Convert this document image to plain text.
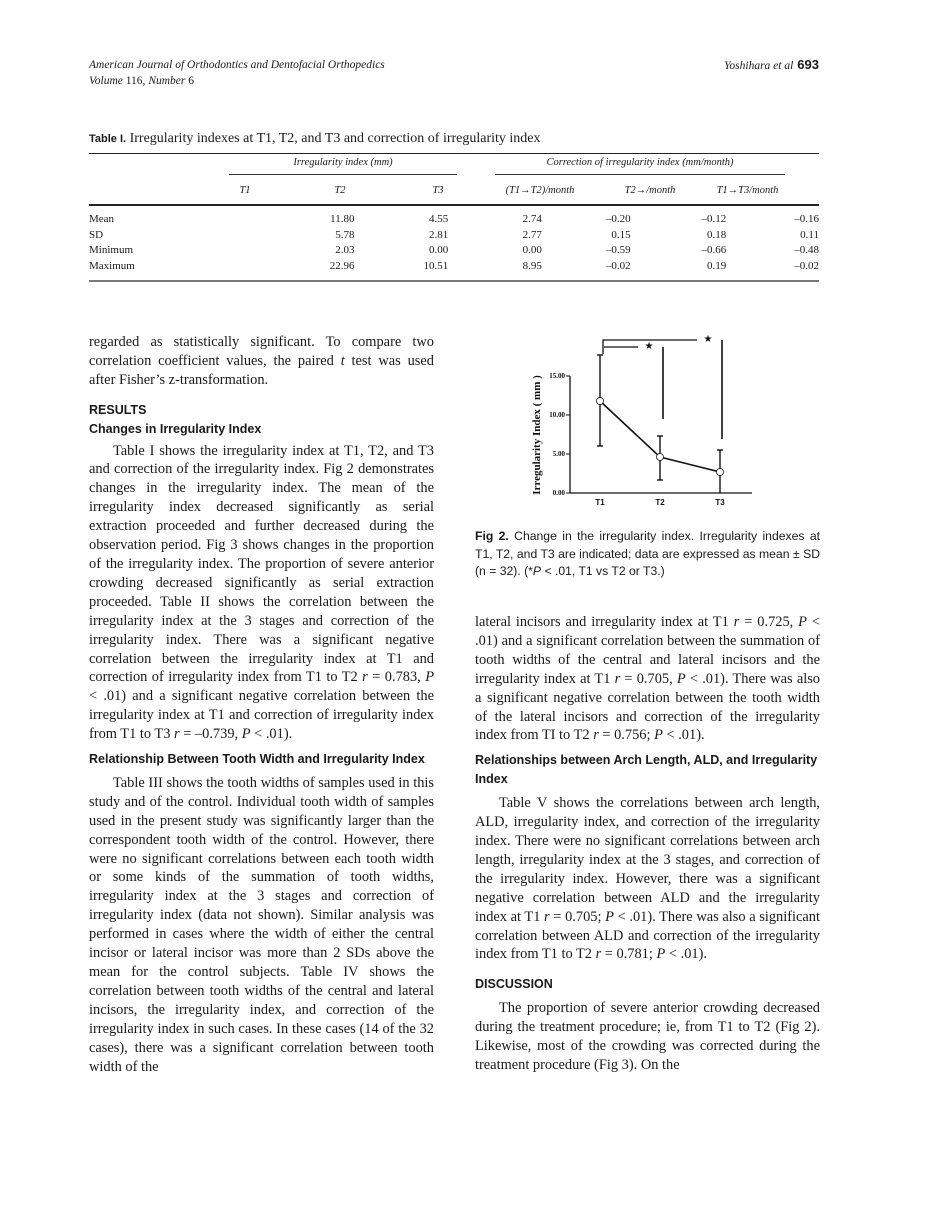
American Journal of Orthodontics and Dentofacial Orthopedics
Volume 116, Number 6
Yoshihara et al 693
Table I. Irregularity indexes at T1, T2, and T3 and correction of irregularity index
Irregularity index (mm)	Correction of irregularity index (mm/month)
T1	T2	T3	(T1→T2)/month	T2→/month	T1→T3/month
Mean	11.80	4.55	2.74	–0.20	–0.12	–0.16
SD	5.78	2.81	2.77	0.15	0.18	0.11
Minimum	2.03	0.00	0.00	–0.59	–0.66	–0.48
Maximum	22.96	10.51	8.95	–0.02	0.19	–0.02

regarded as statistically significant. To compare two correlation coefficient values, the paired t test was used after Fisher’s z-transformation.

RESULTS

Changes in Irregularity Index

Table I shows the irregularity index at T1, T2, and T3 and correction of the irregularity index. Fig 2 demonstrates changes in the irregularity index. The mean of the irregularity index decreased significantly as serial extraction proceeded and further decreased during the observation period. Fig 3 shows changes in the proportion of the irregularity index. The proportion of severe anterior crowding decreased significantly as serial extraction proceeded. Table II shows the correlation between the irregularity index at the 3 stages and correction of the irregularity index. There was a significant negative correlation between the irregularity index at T1 and correction of irregularity index from T1 to T2 r = 0.783, P < .01) and a significant negative correlation between the irregularity index at T1 and correction of irregularity index from T1 to T3 r = –0.739, P < .01).

Relationship Between Tooth Width and Irregularity Index

Table III shows the tooth widths of samples used in this study and of the control. Individual tooth width of samples used in the present study was significantly larger than the correspondent tooth width of the control. However, there were no significant correlations between each tooth width or some kinds of the summation of tooth widths, irregularity index at the 3 stages and correction of irregularity index (data not shown). Similar analysis was performed in cases where the width of either the central incisor or lateral incisor was more than 2 SDs above the mean for the control subjects. Table IV shows the correlation between tooth widths of the central and lateral incisors, the irregularity index, and correction of the irregularity index in such cases. In these cases (14 of the 32 cases), there was a significant correlation between tooth width of the

Irregularity Index ( mm ) 0.00
5.00
10.00
15.00
T1	T2	T3
★
★
Fig 2. Change in the irregularity index. Irregularity indexes at T1, T2, and T3 are indicated; data are expressed as mean ± SD (n = 32). (*P < .01, T1 vs T2 or T3.)

lateral incisors and irregularity index at T1 r = 0.725, P < .01) and a significant correlation between the summation of tooth widths of the central and lateral incisors and the irregularity index at T1 r = 0.705, P < .01). There was also a significant negative correlation between the tooth width of the lateral incisors and correction of the irregularity index from TI to T2 r = 0.756; P < .01).

Relationships between Arch Length, ALD, and Irregularity Index

Table V shows the correlations between arch length, ALD, irregularity index, and correction of the irregularity index. There were no significant correlations between arch length, irregularity index at the 3 stages, and correction of the irregularity index. However, there was a significant negative correlation between ALD and the irregularity index at T1 r = 0.705; P < .01). There was also a significant correlation between ALD and correction of the irregularity index from T1 to T2 r = 0.781; P < .01).

DISCUSSION

The proportion of severe anterior crowding decreased during the treatment procedure; ie, from T1 to T2 (Fig 2). Likewise, most of the crowding was corrected during the treatment procedure (Fig 3). On the
